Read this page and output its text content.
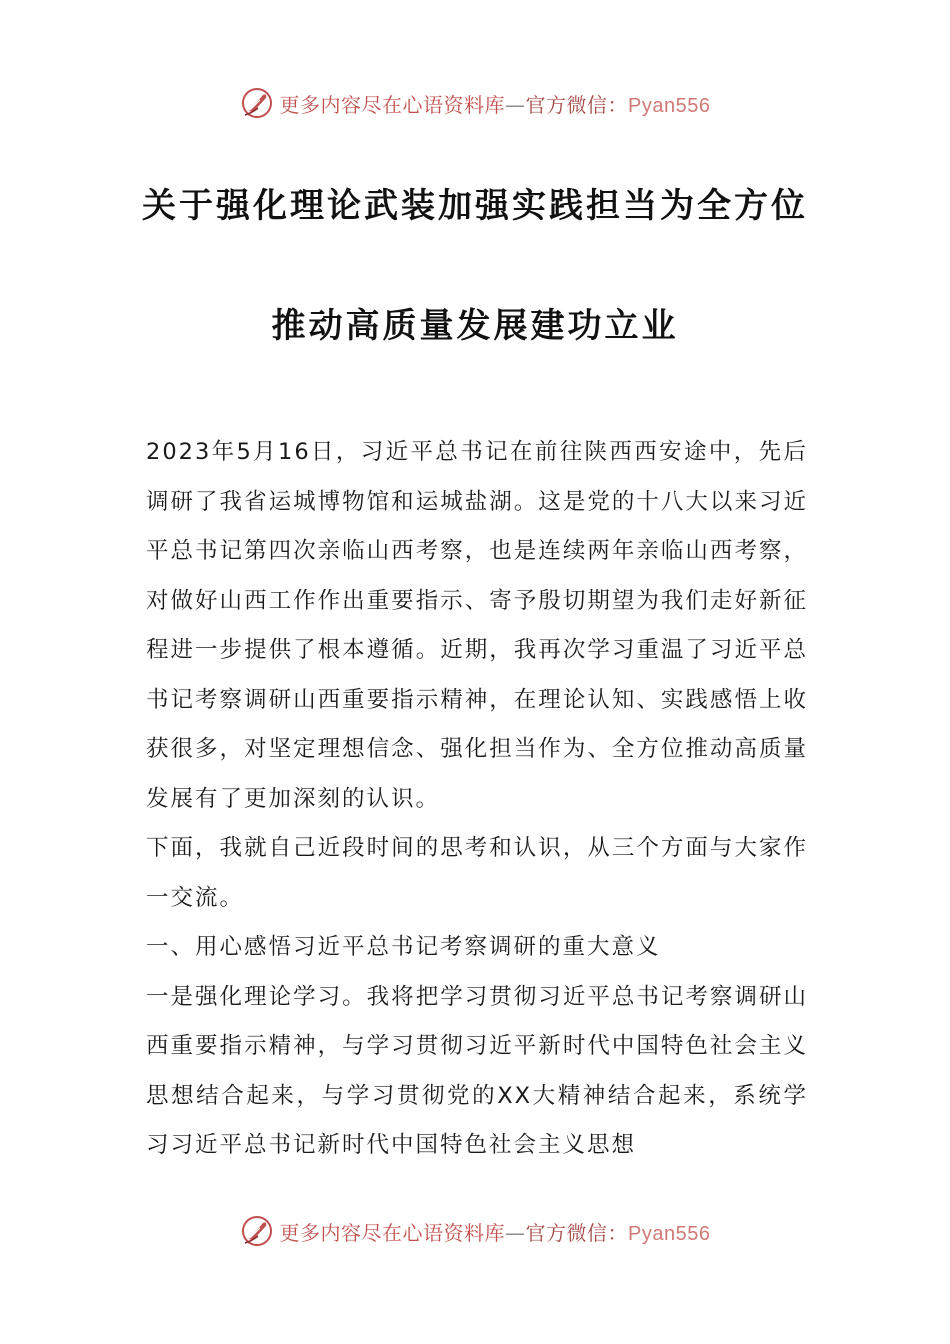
更多内容尽在心语资料库—官方微信：Pyan556
关于强化理论武装加强实践担当为全方位
推动高质量发展建功立业

2023年5月16日，习近平总书记在前往陕西西安途中，先后调研了我省运城博物馆和运城盐湖。这是党的十八大以来习近平总书记第四次亲临山西考察，也是连续两年亲临山西考察，对做好山西工作作出重要指示、寄予殷切期望为我们走好新征程进一步提供了根本遵循。近期，我再次学习重温了习近平总书记考察调研山西重要指示精神，在理论认知、实践感悟上收获很多，对坚定理想信念、强化担当作为、全方位推动高质量发展有了更加深刻的认识。

下面，我就自己近段时间的思考和认识，从三个方面与大家作一交流。

一、用心感悟习近平总书记考察调研的重大意义

一是强化理论学习。我将把学习贯彻习近平总书记考察调研山西重要指示精神，与学习贯彻习近平新时代中国特色社会主义思想结合起来，与学习贯彻党的XX大精神结合起来，系统学习习近平总书记新时代中国特色社会主义思想

更多内容尽在心语资料库—官方微信：Pyan556
